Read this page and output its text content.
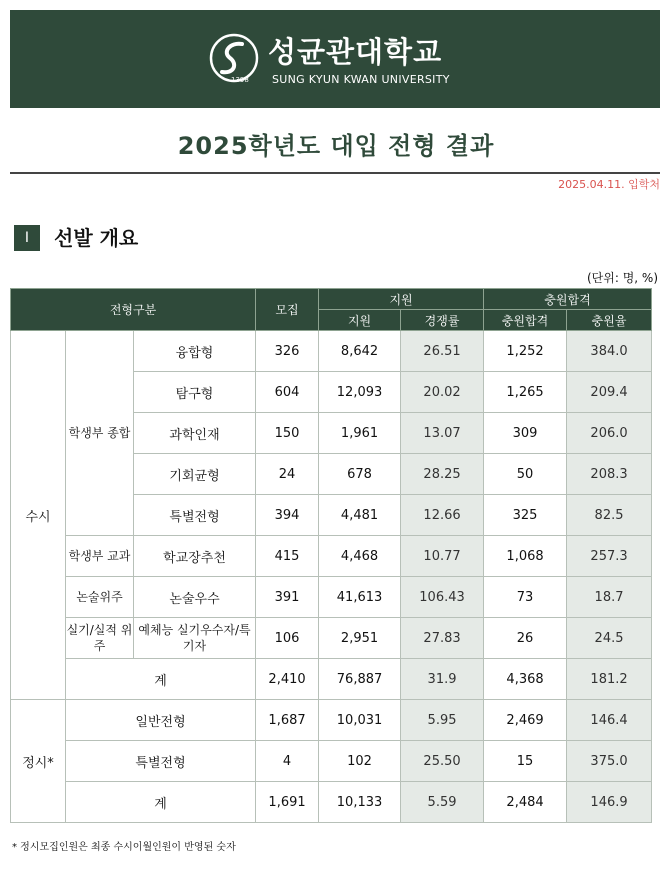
1398
성균관대학교
SUNG KYUN KWAN UNIVERSITY
2025학년도 대입 전형 결과
2025.04.11. 입학처
I	선발 개요
(단위: 명, %)
전형구분			모집	지원		충원합격	
				지원	경쟁률	충원합격	충원율
수시	학생부 종합	융합형	326	8,642	26.51	1,252	384.0
		탐구형	604	12,093	20.02	1,265	209.4
		과학인재	150	1,961	13.07	309	206.0
		기회균형	24	678	28.25	50	208.3
		특별전형	394	4,481	12.66	325	82.5
	학생부 교과	학교장추천	415	4,468	10.77	1,068	257.3
	논술위주	논술우수	391	41,613	106.43	73	18.7
	실기/실적 위주	예체능 실기우수자/특기자	106	2,951	27.83	26	24.5
	계		2,410	76,887	31.9	4,368	181.2
정시*	일반전형		1,687	10,031	5.95	2,469	146.4
	특별전형		4	102	25.50	15	375.0
	계		1,691	10,133	5.59	2,484	146.9
* 정시모집인원은 최종 수시이월인원이 반영된 숫자
